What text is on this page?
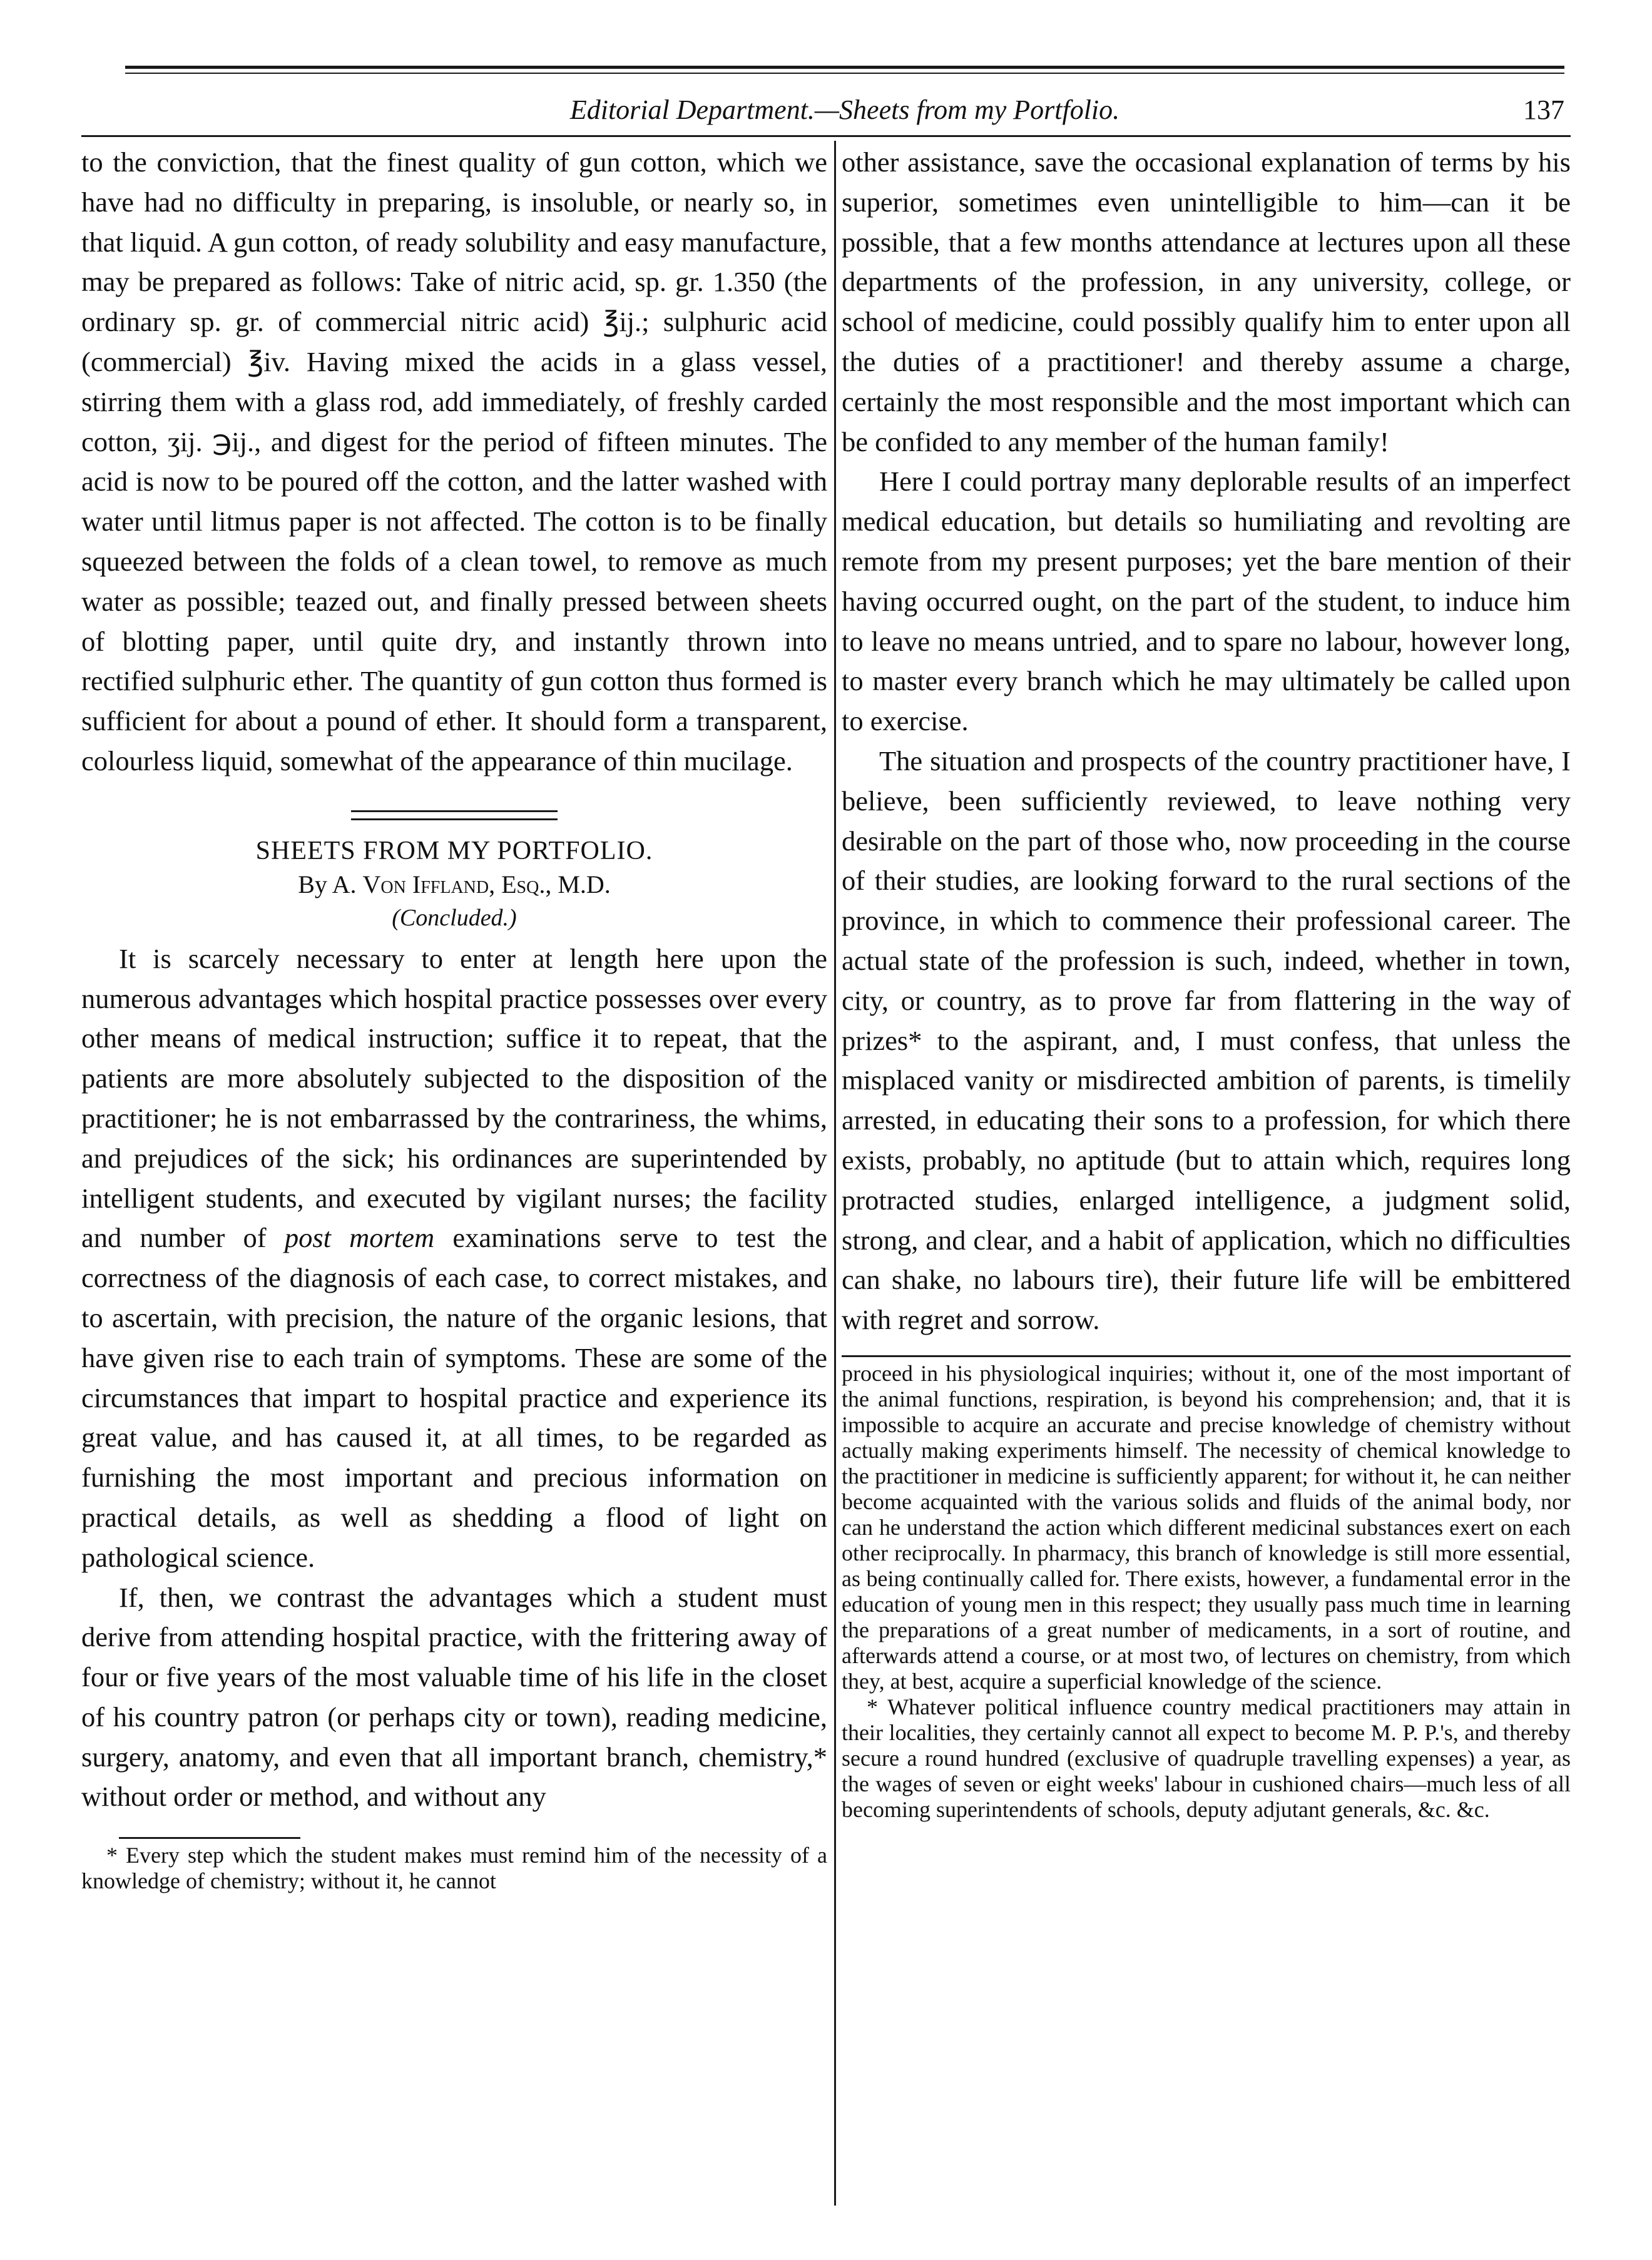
Editorial Department.—Sheets from my Portfolio.	137

to the conviction, that the finest quality of gun cotton, which we have had no difficulty in preparing, is insoluble, or nearly so, in that liquid. A gun cotton, of ready solubility and easy manufacture, may be prepared as follows: Take of nitric acid, sp. gr. 1.350 (the ordinary sp. gr. of commercial nitric acid) ℥ij.; sulphuric acid (commercial) ℥iv. Having mixed the acids in a glass vessel, stirring them with a glass rod, add immediately, of freshly carded cotton, ʒij. ℈ij., and digest for the period of fifteen minutes. The acid is now to be poured off the cotton, and the latter washed with water until litmus paper is not affected. The cotton is to be finally squeezed between the folds of a clean towel, to remove as much water as possible; teazed out, and finally pressed between sheets of blotting paper, until quite dry, and instantly thrown into rectified sulphuric ether. The quantity of gun cotton thus formed is sufficient for about a pound of ether. It should form a transparent, colourless liquid, somewhat of the appearance of thin mucilage.

SHEETS FROM MY PORTFOLIO.
By A. Von Iffland, Esq., M.D.
(Concluded.)

It is scarcely necessary to enter at length here upon the numerous advantages which hospital practice possesses over every other means of medical instruction; suffice it to repeat, that the patients are more absolutely subjected to the disposition of the practitioner; he is not embarrassed by the contrariness, the whims, and prejudices of the sick; his ordinances are superintended by intelligent students, and executed by vigilant nurses; the facility and number of post mortem examinations serve to test the correctness of the diagnosis of each case, to correct mistakes, and to ascertain, with precision, the nature of the organic lesions, that have given rise to each train of symptoms. These are some of the circumstances that impart to hospital practice and experience its great value, and has caused it, at all times, to be regarded as furnishing the most important and precious information on practical details, as well as shedding a flood of light on pathological science.

If, then, we contrast the advantages which a student must derive from attending hospital practice, with the frittering away of four or five years of the most valuable time of his life in the closet of his country patron (or perhaps city or town), reading medicine, surgery, anatomy, and even that all important branch, chemistry,* without order or method, and without any

* Every step which the student makes must remind him of the necessity of a knowledge of chemistry; without it, he cannot

other assistance, save the occasional explanation of terms by his superior, sometimes even unintelligible to him—can it be possible, that a few months attendance at lectures upon all these departments of the profession, in any university, college, or school of medicine, could possibly qualify him to enter upon all the duties of a practitioner! and thereby assume a charge, certainly the most responsible and the most important which can be confided to any member of the human family!

Here I could portray many deplorable results of an imperfect medical education, but details so humiliating and revolting are remote from my present purposes; yet the bare mention of their having occurred ought, on the part of the student, to induce him to leave no means untried, and to spare no labour, however long, to master every branch which he may ultimately be called upon to exercise.

The situation and prospects of the country practitioner have, I believe, been sufficiently reviewed, to leave nothing very desirable on the part of those who, now proceeding in the course of their studies, are looking forward to the rural sections of the province, in which to commence their professional career. The actual state of the profession is such, indeed, whether in town, city, or country, as to prove far from flattering in the way of prizes* to the aspirant, and, I must confess, that unless the misplaced vanity or misdirected ambition of parents, is timelily arrested, in educating their sons to a profession, for which there exists, probably, no aptitude (but to attain which, requires long protracted studies, enlarged intelligence, a judgment solid, strong, and clear, and a habit of application, which no difficulties can shake, no labours tire), their future life will be embittered with regret and sorrow.

proceed in his physiological inquiries; without it, one of the most important of the animal functions, respiration, is beyond his comprehension; and, that it is impossible to acquire an accurate and precise knowledge of chemistry without actually making experiments himself. The necessity of chemical knowledge to the practitioner in medicine is sufficiently apparent; for without it, he can neither become acquainted with the various solids and fluids of the animal body, nor can he understand the action which different medicinal substances exert on each other reciprocally. In pharmacy, this branch of knowledge is still more essential, as being continually called for. There exists, however, a fundamental error in the education of young men in this respect; they usually pass much time in learning the preparations of a great number of medicaments, in a sort of routine, and afterwards attend a course, or at most two, of lectures on chemistry, from which they, at best, acquire a superficial knowledge of the science.

* Whatever political influence country medical practitioners may attain in their localities, they certainly cannot all expect to become M. P. P.'s, and thereby secure a round hundred (exclusive of quadruple travelling expenses) a year, as the wages of seven or eight weeks' labour in cushioned chairs—much less of all becoming superintendents of schools, deputy adjutant generals, &c. &c.
